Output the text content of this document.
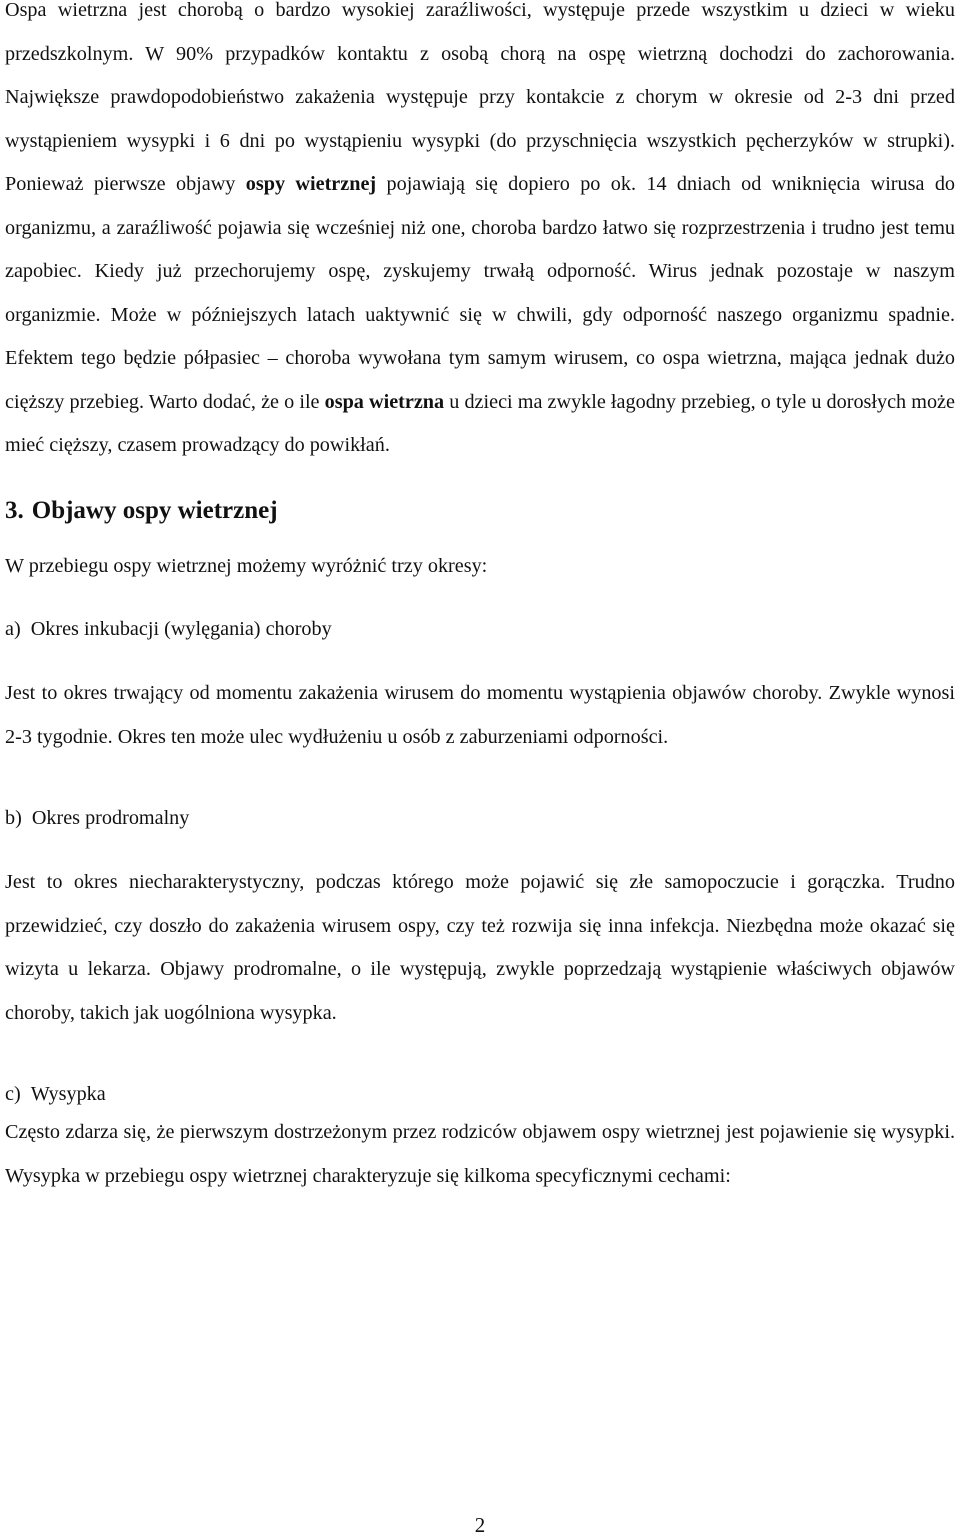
Ospa wietrzna jest chorobą o bardzo wysokiej zaraźliwości, występuje przede wszystkim u dzieci w wieku przedszkolnym. W 90% przypadków kontaktu z osobą chorą na ospę wietrzną dochodzi do zachorowania. Największe prawdopodobieństwo zakażenia występuje przy kontakcie z chorym w okresie od 2-3 dni przed wystąpieniem wysypki i 6 dni po wystąpieniu wysypki (do przyschnięcia wszystkich pęcherzyków w strupki). Ponieważ pierwsze objawy ospy wietrznej pojawiają się dopiero po ok. 14 dniach od wniknięcia wirusa do organizmu, a zaraźliwość pojawia się wcześniej niż one, choroba bardzo łatwo się rozprzestrzenia i trudno jest temu zapobiec. Kiedy już przechorujemy ospę, zyskujemy trwałą odporność. Wirus jednak pozostaje w naszym organizmie. Może w późniejszych latach uaktywnić się w chwili, gdy odporność naszego organizmu spadnie. Efektem tego będzie półpasiec – choroba wywołana tym samym wirusem, co ospa wietrzna, mająca jednak dużo cięższy przebieg. Warto dodać, że o ile ospa wietrzna u dzieci ma zwykle łagodny przebieg, o tyle u dorosłych może mieć cięższy, czasem prowadzący do powikłań.

3. Objawy ospy wietrznej

W przebiegu ospy wietrznej możemy wyróżnić trzy okresy:

a) Okres inkubacji (wylęgania) choroby

Jest to okres trwający od momentu zakażenia wirusem do momentu wystąpienia objawów choroby. Zwykle wynosi 2-3 tygodnie. Okres ten może ulec wydłużeniu u osób z zaburzeniami odporności.

b) Okres prodromalny

Jest to okres niecharakterystyczny, podczas którego może pojawić się złe samopoczucie i gorączka. Trudno przewidzieć, czy doszło do zakażenia wirusem ospy, czy też rozwija się inna infekcja. Niezbędna może okazać się wizyta u lekarza. Objawy prodromalne, o ile występują, zwykle poprzedzają wystąpienie właściwych objawów choroby, takich jak uogólniona wysypka.

c) Wysypka

Często zdarza się, że pierwszym dostrzeżonym przez rodziców objawem ospy wietrznej jest pojawienie się wysypki. Wysypka w przebiegu ospy wietrznej charakteryzuje się kilkoma specyficznymi cechami:

2
